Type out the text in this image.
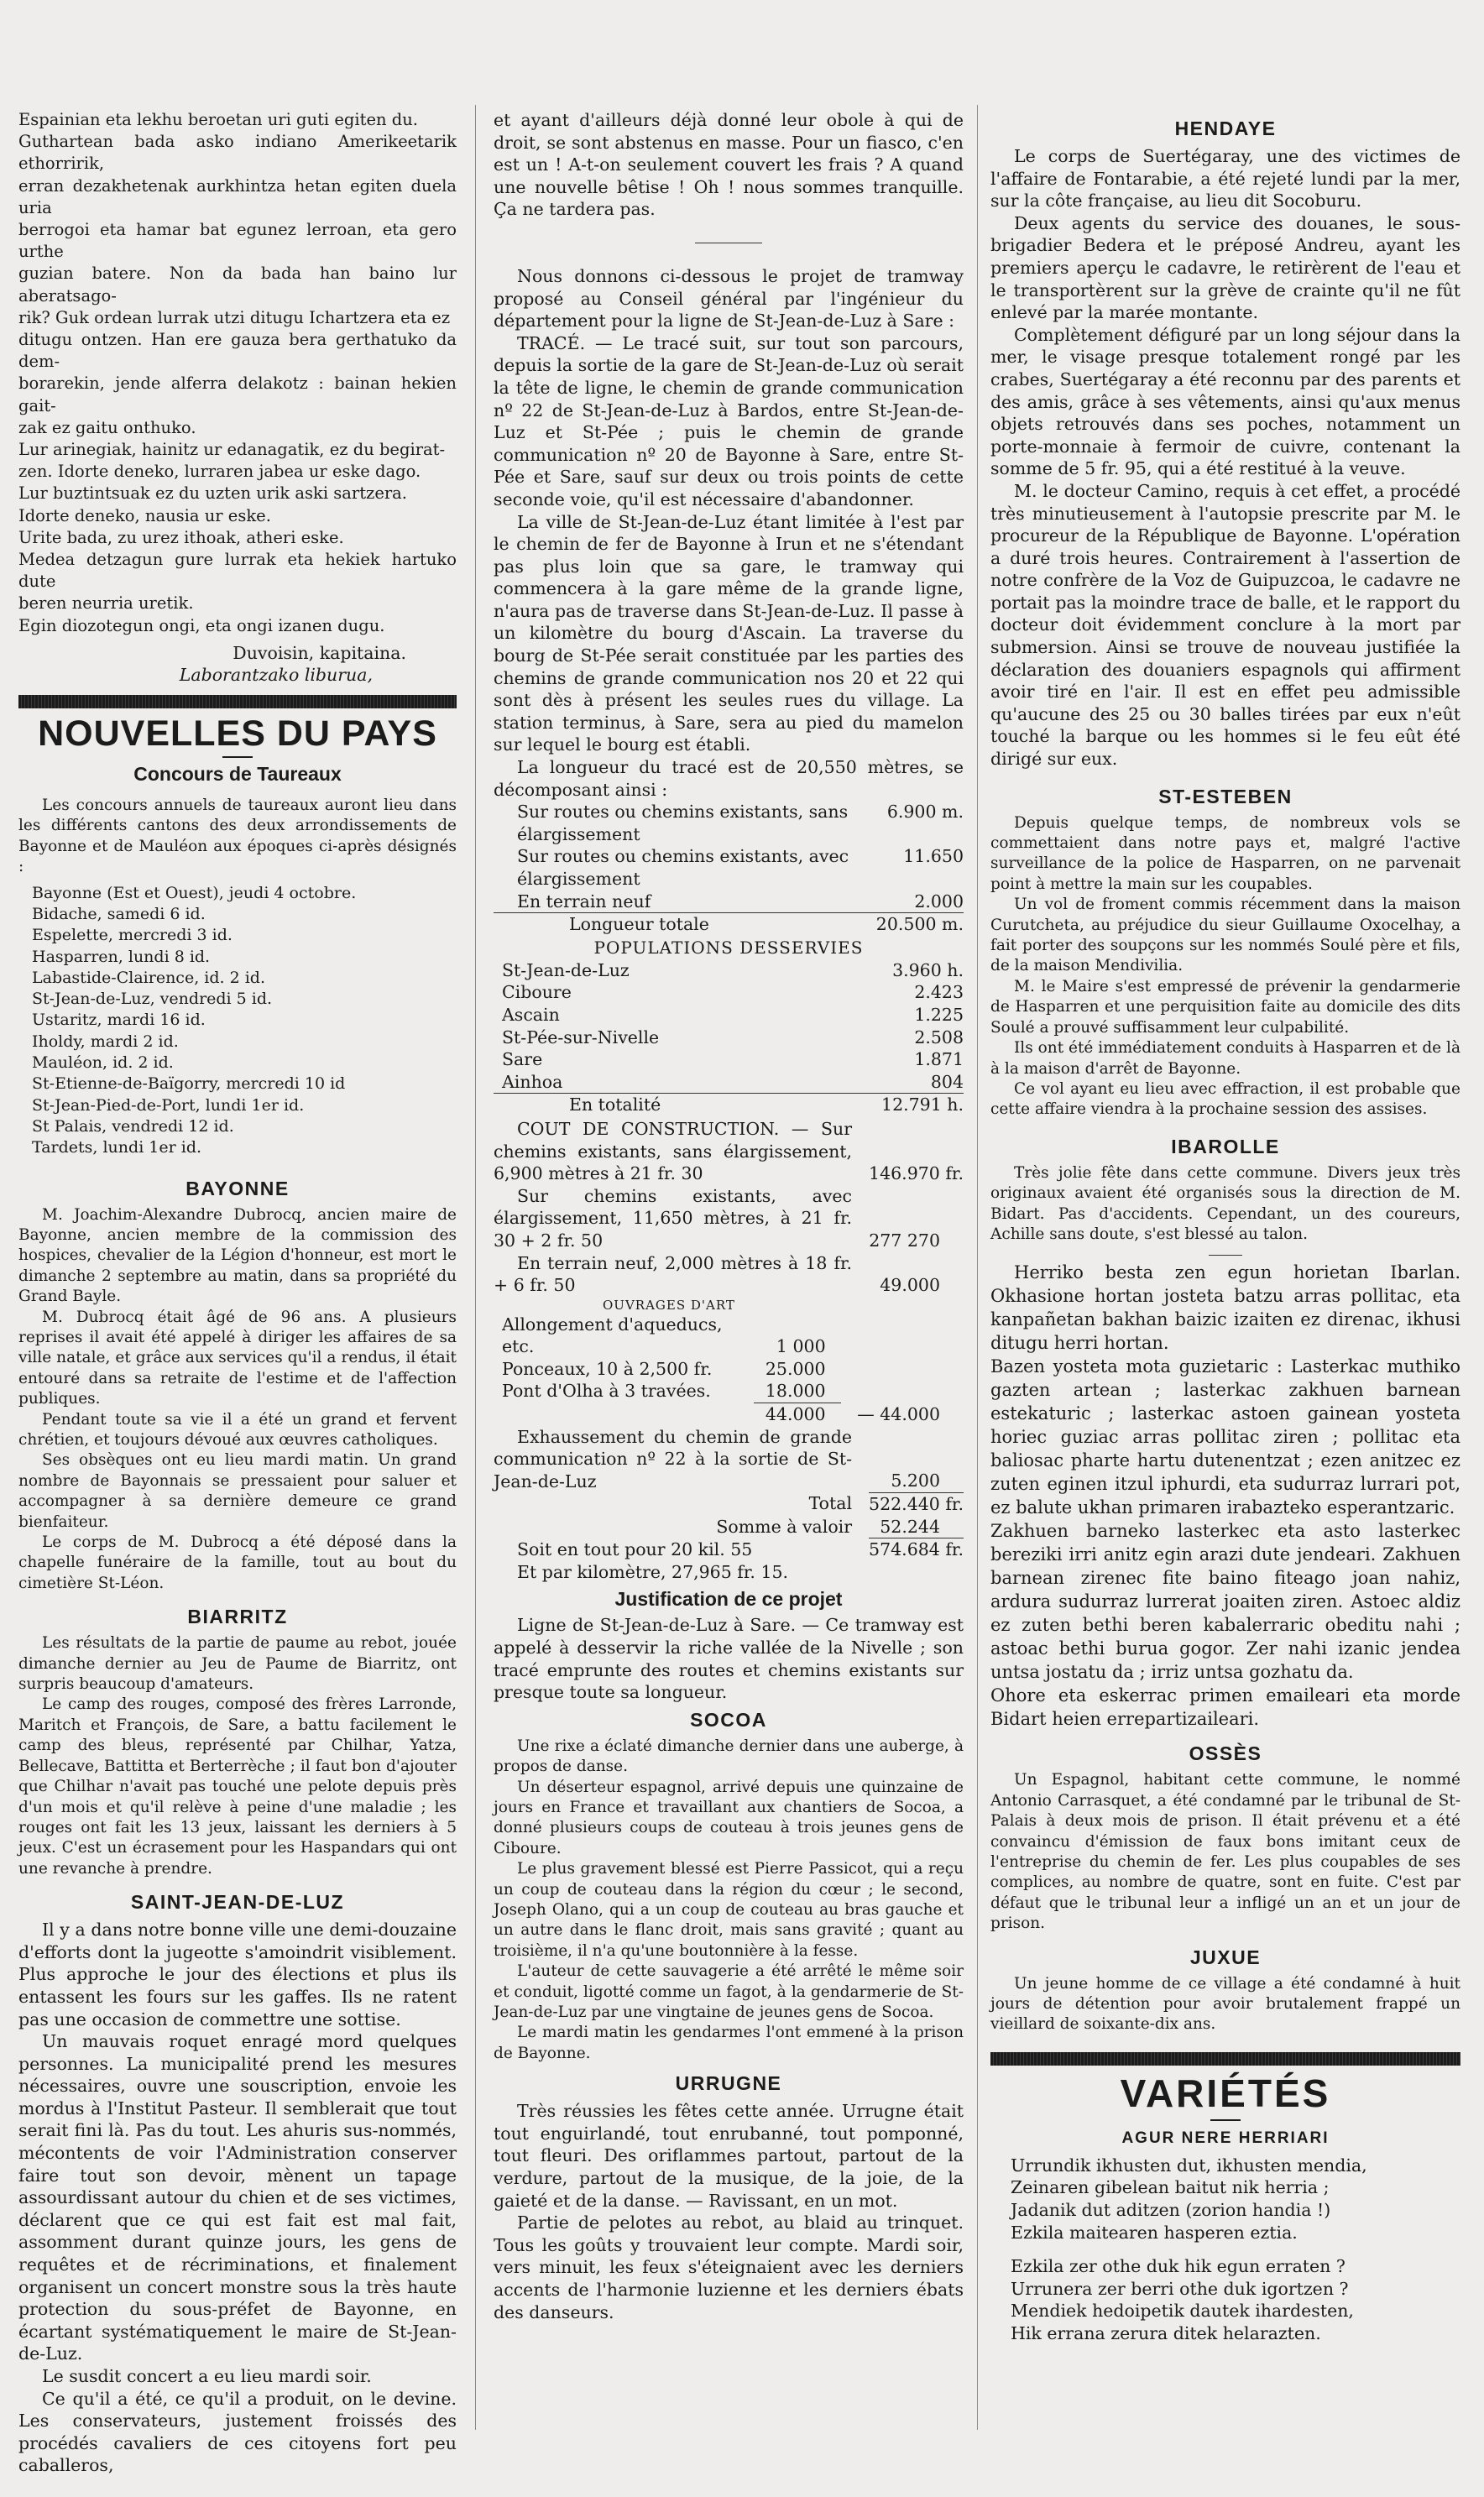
Espainian eta lekhu beroetan uri guti egiten du.
Guthartean bada asko indiano Amerikeetarik ethorririk,
erran dezakhetenak aurkhintza hetan egiten duela uria
berrogoi eta hamar bat egunez lerroan, eta gero urthe
guzian batere. Non da bada han baino lur aberatsago-
rik? Guk ordean lurrak utzi ditugu Ichartzera eta ez
ditugu ontzen. Han ere gauza bera gerthatuko da dem-
borarekin, jende alferra delakotz : bainan hekien gait-
zak ez gaitu onthuko.
Lur arinegiak, hainitz ur edanagatik, ez du begirat-
zen. Idorte deneko, lurraren jabea ur eske dago.
Lur buztintsuak ez du uzten urik aski sartzera.
Idorte deneko, nausia ur eske.
Urite bada, zu urez ithoak, atheri eske.
Medea detzagun gure lurrak eta hekiek hartuko dute
beren neurria uretik.
Egin diozotegun ongi, eta ongi izanen dugu.

Duvoisin, kapitaina.

Laborantzako liburua,

NOUVELLES DU PAYS
Concours de Taureaux

Les concours annuels de taureaux auront lieu dans les différents cantons des deux arrondissements de Bayonne et de Mauléon aux époques ci-après désignés :

Bayonne (Est et Ouest), jeudi 4 octobre.
Bidache, samedi 6 id.
Espelette, mercredi 3 id.
Hasparren, lundi 8 id.
Labastide-Clairence, id. 2 id.
St-Jean-de-Luz, vendredi 5 id.
Ustaritz, mardi 16 id.
Iholdy, mardi 2 id.
Mauléon, id. 2 id.
St-Etienne-de-Baïgorry, mercredi 10 id
St-Jean-Pied-de-Port, lundi 1er id.
St Palais, vendredi 12 id.
Tardets, lundi 1er id.
BAYONNE

M. Joachim-Alexandre Dubrocq, ancien maire de Bayonne, ancien membre de la commission des hospices, chevalier de la Légion d'honneur, est mort le dimanche 2 septembre au matin, dans sa propriété du Grand Bayle.

M. Dubrocq était âgé de 96 ans. A plusieurs reprises il avait été appelé à diriger les affaires de sa ville natale, et grâce aux services qu'il a rendus, il était entouré dans sa retraite de l'estime et de l'affection publiques.

Pendant toute sa vie il a été un grand et fervent chrétien, et toujours dévoué aux œuvres catholiques.

Ses obsèques ont eu lieu mardi matin. Un grand nombre de Bayonnais se pressaient pour saluer et accompagner à sa dernière demeure ce grand bienfaiteur.

Le corps de M. Dubrocq a été déposé dans la chapelle funéraire de la famille, tout au bout du cimetière St-Léon.

BIARRITZ

Les résultats de la partie de paume au rebot, jouée dimanche dernier au Jeu de Paume de Biarritz, ont surpris beaucoup d'amateurs.

Le camp des rouges, composé des frères Larronde, Maritch et François, de Sare, a battu facilement le camp des bleus, représenté par Chilhar, Yatza, Bellecave, Battitta et Berterrèche ; il faut bon d'ajouter que Chilhar n'avait pas touché une pelote depuis près d'un mois et qu'il relève à peine d'une maladie ; les rouges ont fait les 13 jeux, laissant les derniers à 5 jeux. C'est un écrasement pour les Haspandars qui ont une revanche à prendre.

SAINT-JEAN-DE-LUZ

Il y a dans notre bonne ville une demi-douzaine d'efforts dont la jugeotte s'amoindrit visiblement. Plus approche le jour des élections et plus ils entassent les fours sur les gaffes. Ils ne ratent pas une occasion de commettre une sottise.

Un mauvais roquet enragé mord quelques personnes. La municipalité prend les mesures nécessaires, ouvre une souscription, envoie les mordus à l'Institut Pasteur. Il semblerait que tout serait fini là. Pas du tout. Les ahuris sus-nommés, mécontents de voir l'Administration conserver faire tout son devoir, mènent un tapage assourdissant autour du chien et de ses victimes, déclarent que ce qui est fait est mal fait, assomment durant quinze jours, les gens de requêtes et de récriminations, et finalement organisent un concert monstre sous la très haute protection du sous-préfet de Bayonne, en écartant systématiquement le maire de St-Jean-de-Luz.

Le susdit concert a eu lieu mardi soir.

Ce qu'il a été, ce qu'il a produit, on le devine. Les conservateurs, justement froissés des procédés cavaliers de ces citoyens fort peu caballeros,

et ayant d'ailleurs déjà donné leur obole à qui de droit, se sont abstenus en masse. Pour un fiasco, c'en est un ! A-t-on seulement couvert les frais ? A quand une nouvelle bêtise ! Oh ! nous sommes tranquille. Ça ne tardera pas.

Nous donnons ci-dessous le projet de tramway proposé au Conseil général par l'ingénieur du département pour la ligne de St-Jean-de-Luz à Sare :

TRACÉ. — Le tracé suit, sur tout son parcours, depuis la sortie de la gare de St-Jean-de-Luz où serait la tête de ligne, le chemin de grande communication nº 22 de St-Jean-de-Luz à Bardos, entre St-Jean-de-Luz et St-Pée ; puis le chemin de grande communication nº 20 de Bayonne à Sare, entre St-Pée et Sare, sauf sur deux ou trois points de cette seconde voie, qu'il est nécessaire d'abandonner.

La ville de St-Jean-de-Luz étant limitée à l'est par le chemin de fer de Bayonne à Irun et ne s'étendant pas plus loin que sa gare, le tramway qui commencera à la gare même de la grande ligne, n'aura pas de traverse dans St-Jean-de-Luz. Il passe à un kilomètre du bourg d'Ascain. La traverse du bourg de St-Pée serait constituée par les parties des chemins de grande communication nos 20 et 22 qui sont dès à présent les seules rues du village. La station terminus, à Sare, sera au pied du mamelon sur lequel le bourg est établi.

La longueur du tracé est de 20,550 mètres, se décomposant ainsi :

Sur routes ou chemins existants, sans élargissement	6.900 m.
Sur routes ou chemins existants, avec élargissement	11.650
En terrain neuf	2.000
Longueur totale	20.500 m.
POPULATIONS DESSERVIES
St-Jean-de-Luz	3.960 h.
Ciboure	2.423
Ascain	1.225
St-Pée-sur-Nivelle	2.508
Sare	1.871
Ainhoa	804
En totalité	12.791 h.
COUT DE CONSTRUCTION. — Sur chemins existants, sans élargissement, 6,900 mètres à 21 fr. 30	146.970 fr.
Sur chemins existants, avec élargissement, 11,650 mètres, à 21 fr. 30 + 2 fr. 50	277 270
En terrain neuf, 2,000 mètres à 18 fr. + 6 fr. 50	49.000
OUVRAGES D'ART
Allongement d'aqueducs, etc.	1 000	
Ponceaux, 10 à 2,500 fr.	25.000	
Pont d'Olha à 3 travées.	18.000	
	44.000	— 44.000
Exhaussement du chemin de grande communication nº 22 à la sortie de St-Jean-de-Luz	5.200
Total	522.440 fr.
Somme à valoir	52.244
Soit en tout pour 20 kil. 55	574.684 fr.

Et par kilomètre, 27,965 fr. 15.

Justification de ce projet

Ligne de St-Jean-de-Luz à Sare. — Ce tramway est appelé à desservir la riche vallée de la Nivelle ; son tracé emprunte des routes et chemins existants sur presque toute sa longueur.

SOCOA

Une rixe a éclaté dimanche dernier dans une auberge, à propos de danse.

Un déserteur espagnol, arrivé depuis une quinzaine de jours en France et travaillant aux chantiers de Socoa, a donné plusieurs coups de couteau à trois jeunes gens de Ciboure.

Le plus gravement blessé est Pierre Passicot, qui a reçu un coup de couteau dans la région du cœur ; le second, Joseph Olano, qui a un coup de couteau au bras gauche et un autre dans le flanc droit, mais sans gravité ; quant au troisième, il n'a qu'une boutonnière à la fesse.

L'auteur de cette sauvagerie a été arrêté le même soir et conduit, ligotté comme un fagot, à la gendarmerie de St-Jean-de-Luz par une vingtaine de jeunes gens de Socoa.

Le mardi matin les gendarmes l'ont emmené à la prison de Bayonne.

URRUGNE

Très réussies les fêtes cette année. Urrugne était tout enguirlandé, tout enrubanné, tout pomponné, tout fleuri. Des oriflammes partout, partout de la verdure, partout de la musique, de la joie, de la gaieté et de la danse. — Ravissant, en un mot.

Partie de pelotes au rebot, au blaid au trinquet. Tous les goûts y trouvaient leur compte. Mardi soir, vers minuit, les feux s'éteignaient avec les derniers accents de l'harmonie luzienne et les derniers ébats des danseurs.

HENDAYE

Le corps de Suertégaray, une des victimes de l'affaire de Fontarabie, a été rejeté lundi par la mer, sur la côte française, au lieu dit Socoburu.

Deux agents du service des douanes, le sous-brigadier Bedera et le préposé Andreu, ayant les premiers aperçu le cadavre, le retirèrent de l'eau et le transportèrent sur la grève de crainte qu'il ne fût enlevé par la marée montante.

Complètement défiguré par un long séjour dans la mer, le visage presque totalement rongé par les crabes, Suertégaray a été reconnu par des parents et des amis, grâce à ses vêtements, ainsi qu'aux menus objets retrouvés dans ses poches, notamment un porte-monnaie à fermoir de cuivre, contenant la somme de 5 fr. 95, qui a été restitué à la veuve.

M. le docteur Camino, requis à cet effet, a procédé très minutieusement à l'autopsie prescrite par M. le procureur de la République de Bayonne. L'opération a duré trois heures. Contrairement à l'assertion de notre confrère de la Voz de Guipuzcoa, le cadavre ne portait pas la moindre trace de balle, et le rapport du docteur doit évidemment conclure à la mort par submersion. Ainsi se trouve de nouveau justifiée la déclaration des douaniers espagnols qui affirment avoir tiré en l'air. Il est en effet peu admissible qu'aucune des 25 ou 30 balles tirées par eux n'eût touché la barque ou les hommes si le feu eût été dirigé sur eux.

ST-ESTEBEN

Depuis quelque temps, de nombreux vols se commettaient dans notre pays et, malgré l'active surveillance de la police de Hasparren, on ne parvenait point à mettre la main sur les coupables.

Un vol de froment commis récemment dans la maison Curutcheta, au préjudice du sieur Guillaume Oxocelhay, a fait porter des soupçons sur les nommés Soulé père et fils, de la maison Mendivilia.

M. le Maire s'est empressé de prévenir la gendarmerie de Hasparren et une perquisition faite au domicile des dits Soulé a prouvé suffisamment leur culpabilité.

Ils ont été immédiatement conduits à Hasparren et de là à la maison d'arrêt de Bayonne.

Ce vol ayant eu lieu avec effraction, il est probable que cette affaire viendra à la prochaine session des assises.

IBAROLLE

Très jolie fête dans cette commune. Divers jeux très originaux avaient été organisés sous la direction de M. Bidart. Pas d'accidents. Cependant, un des coureurs, Achille sans doute, s'est blessé au talon.

Herriko besta zen egun horietan Ibarlan. Okhasione hortan josteta batzu arras pollitac, eta kanpañetan bakhan baizic izaiten ez direnac, ikhusi ditugu herri hortan.
Bazen yosteta mota guzietaric : Lasterkac muthiko gazten artean ; lasterkac zakhuen barnean estekaturic ; lasterkac astoen gainean yosteta horiec guziac arras pollitac ziren ; pollitac eta baliosac pharte hartu dutenentzat ; ezen anitzec ez zuten eginen itzul iphurdi, eta sudurraz lurrari pot, ez balute ukhan primaren irabazteko esperantzaric.
Zakhuen barneko lasterkec eta asto lasterkec bereziki irri anitz egin arazi dute jendeari. Zakhuen barnean zirenec fite baino fiteago joan nahiz, ardura sudurraz lurrerat joaiten ziren. Astoec aldiz ez zuten bethi beren kabalerraric obeditu nahi ; astoac bethi burua gogor. Zer nahi izanic jendea untsa jostatu da ; irriz untsa gozhatu da.
Ohore eta eskerrac primen emaileari eta morde Bidart heien errepartizaileari.

OSSÈS

Un Espagnol, habitant cette commune, le nommé Antonio Carrasquet, a été condamné par le tribunal de St-Palais à deux mois de prison. Il était prévenu et a été convaincu d'émission de faux bons imitant ceux de l'entreprise du chemin de fer. Les plus coupables de ses complices, au nombre de quatre, sont en fuite. C'est par défaut que le tribunal leur a infligé un an et un jour de prison.

JUXUE

Un jeune homme de ce village a été condamné à huit jours de détention pour avoir brutalement frappé un vieillard de soixante-dix ans.

VARIÉTÉS
AGUR NERE HERRIARI
Urrundik ikhusten dut, ikhusten mendia,
Zeinaren gibelean baitut nik herria ;
Jadanik dut aditzen (zorion handia !)
Ezkila maitearen hasperen eztia.
Ezkila zer othe duk hik egun erraten ?
Urrunera zer berri othe duk igortzen ?
Mendiek hedoipetik dautek ihardesten,
Hik errana zerura ditek helarazten.
